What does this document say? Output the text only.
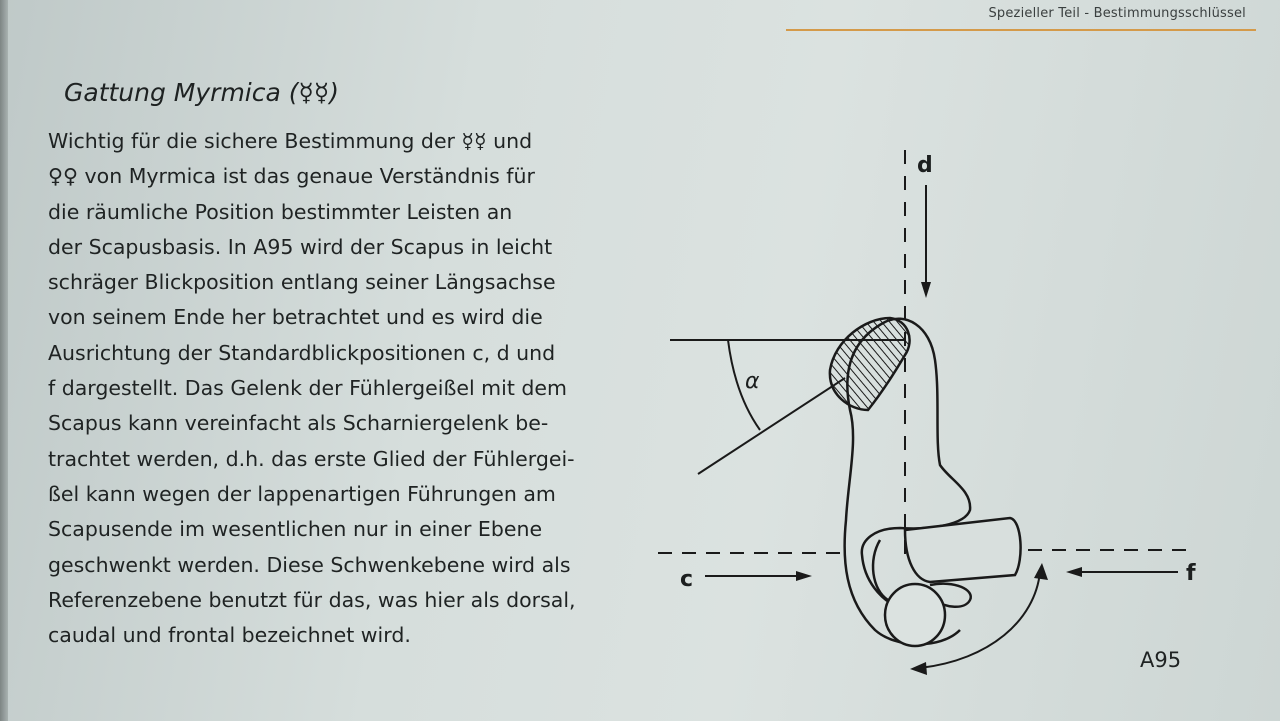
Spezieller Teil - Bestimmungsschlüssel
Gattung Myrmica (☿☿)
Wichtig für die sichere Bestimmung der ☿☿ und
♀♀ von Myrmica ist das genaue Verständnis für
die räumliche Position bestimmter Leisten an
der Scapusbasis. In A95 wird der Scapus in leicht
schräger Blickposition entlang seiner Längsachse
von seinem Ende her betrachtet und es wird die
Ausrichtung der Standardblickpositionen c, d und
f dargestellt. Das Gelenk der Fühlergeißel mit dem
Scapus kann vereinfacht als Scharniergelenk be-
trachtet werden, d.h. das erste Glied der Fühlergei-
ßel kann wegen der lappenartigen Führungen am
Scapusende im wesentlichen nur in einer Ebene
geschwenkt werden. Diese Schwenkebene wird als
Referenzebene benutzt für das, was hier als dorsal,
caudal und frontal bezeichnet wird.
d
α
c	f
A95
